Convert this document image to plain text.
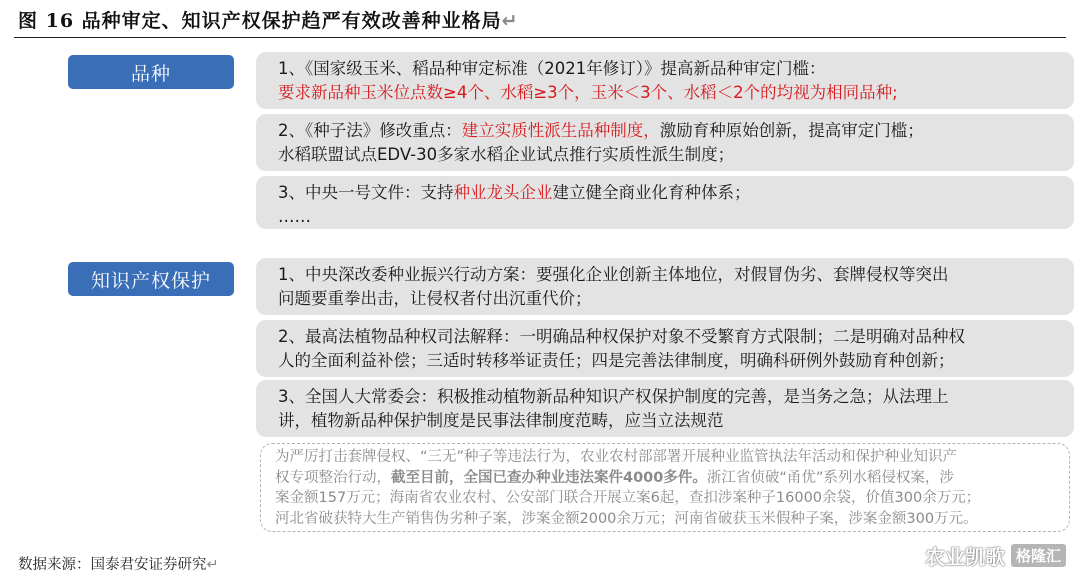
图 16 品种审定、知识产权保护趋严有效改善种业格局↵
品种
知识产权保护
1、《国家级玉米、稻品种审定标准（2021年修订）》提高新品种审定门槛：
要求新品种玉米位点数≥4个、水稻≥3个，玉米＜3个、水稻＜2个的均视为相同品种;
2、《种子法》修改重点：建立实质性派生品种制度，激励育种原始创新，提高审定门槛；
水稻联盟试点EDV-30多家水稻企业试点推行实质性派生制度；
3、中央一号文件：支持种业龙头企业建立健全商业化育种体系；
……
1、中央深改委种业振兴行动方案：要强化企业创新主体地位，对假冒伪劣、套牌侵权等突出
问题要重拳出击，让侵权者付出沉重代价；
2、最高法植物品种权司法解释：一明确品种权保护对象不受繁育方式限制；二是明确对品种权
人的全面利益补偿；三适时转移举证责任；四是完善法律制度，明确科研例外鼓励育种创新；
3、全国人大常委会：积极推动植物新品种知识产权保护制度的完善，是当务之急；从法理上
讲，植物新品种保护制度是民事法律制度范畴，应当立法规范
为严厉打击套牌侵权、“三无”种子等违法行为，农业农村部部署开展种业监管执法年活动和保护种业知识产
权专项整治行动，截至目前，全国已查办种业违法案件4000多件。浙江省侦破“甬优”系列水稻侵权案，涉
案金额157万元；海南省农业农村、公安部门联合开展立案6起，查扣涉案种子16000余袋，价值300余万元；
河北省破获特大生产销售伪劣种子案，涉案金额2000余万元；河南省破获玉米假种子案，涉案金额300万元。
数据来源：国泰君安证券研究↵	农业凯歌 格隆汇
